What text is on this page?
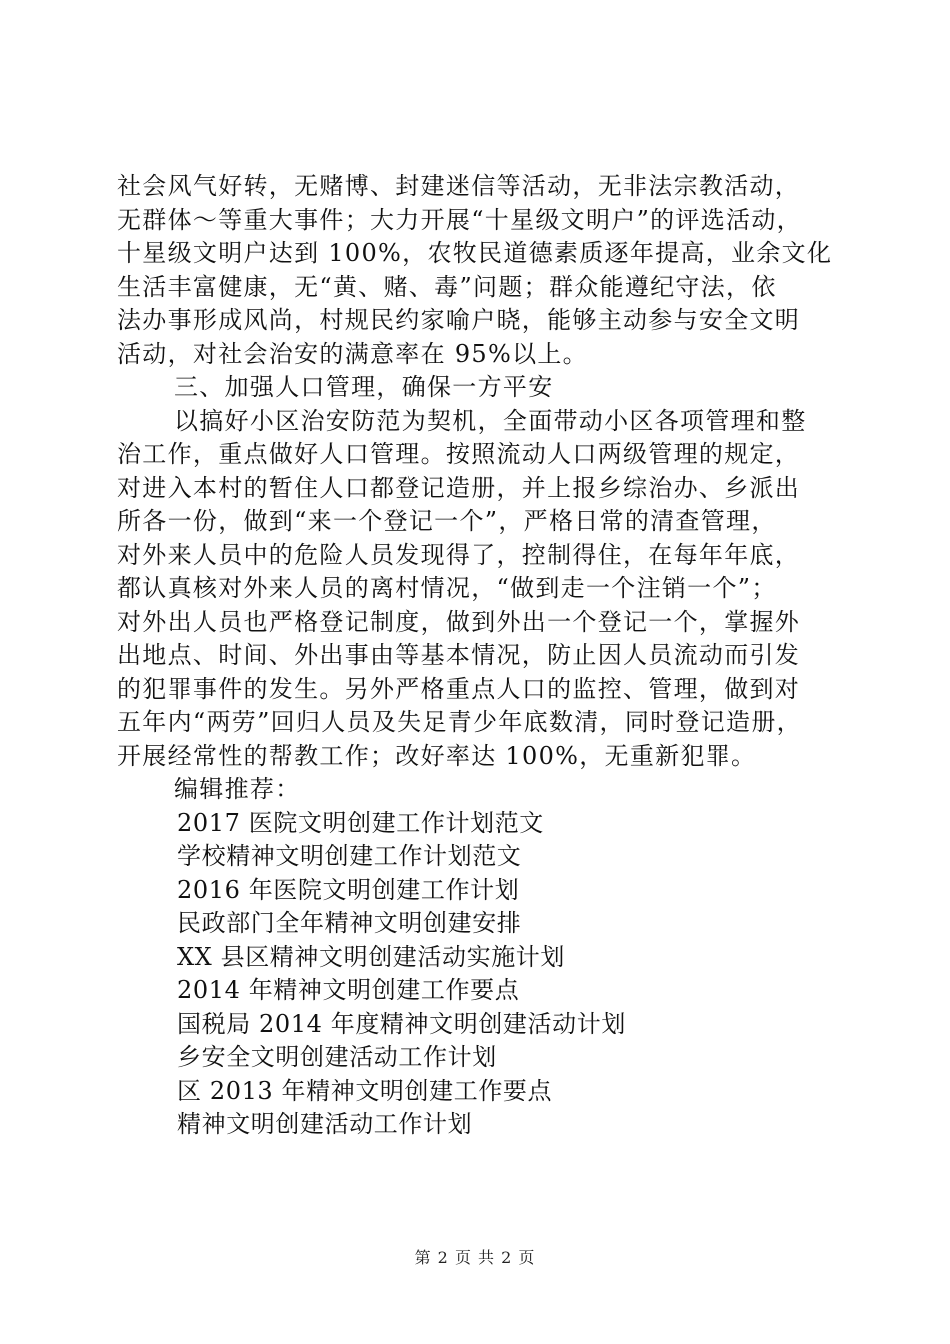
社会风气好转，无赌博、封建迷信等活动，无非法宗教活动，
无群体～等重大事件；大力开展“十星级文明户”的评选活动，
十星级文明户达到 100%，农牧民道德素质逐年提高，业余文化
生活丰富健康，无“黄、赌、毒”问题；群众能遵纪守法，依
法办事形成风尚，村规民约家喻户晓，能够主动参与安全文明
活动，对社会治安的满意率在 95%以上。
三、加强人口管理，确保一方平安
以搞好小区治安防范为契机，全面带动小区各项管理和整
治工作，重点做好人口管理。按照流动人口两级管理的规定，
对进入本村的暂住人口都登记造册，并上报乡综治办、乡派出
所各一份，做到“来一个登记一个”，严格日常的清查管理，
对外来人员中的危险人员发现得了，控制得住，在每年年底，
都认真核对外来人员的离村情况，“做到走一个注销一个”；
对外出人员也严格登记制度，做到外出一个登记一个，掌握外
出地点、时间、外出事由等基本情况，防止因人员流动而引发
的犯罪事件的发生。另外严格重点人口的监控、管理，做到对
五年内“两劳”回归人员及失足青少年底数清，同时登记造册，
开展经常性的帮教工作；改好率达 100%，无重新犯罪。
编辑推荐：
2017 医院文明创建工作计划范文
学校精神文明创建工作计划范文
2016 年医院文明创建工作计划
民政部门全年精神文明创建安排
XX 县区精神文明创建活动实施计划
2014 年精神文明创建工作要点
国税局 2014 年度精神文明创建活动计划
乡安全文明创建活动工作计划
区 2013 年精神文明创建工作要点
精神文明创建活动工作计划
第 2 页 共 2 页
